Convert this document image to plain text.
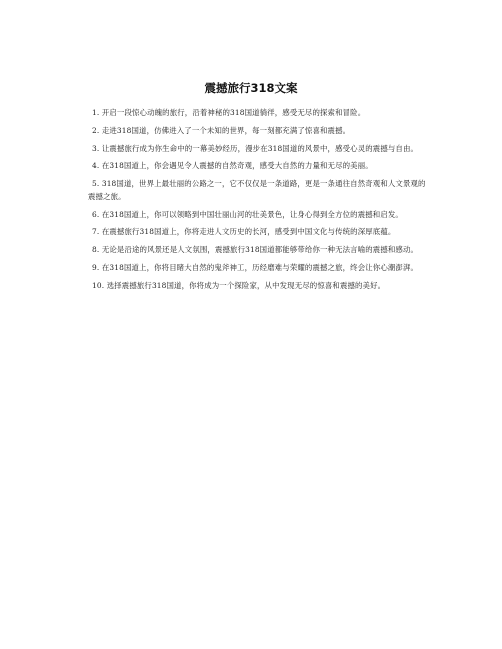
震撼旅行318文案
1. 开启一段惊心动魄的旅行，沿着神秘的318国道徜徉，感受无尽的探索和冒险。
2. 走进318国道，仿佛进入了一个未知的世界，每一刻都充满了惊喜和震撼。
3. 让震撼旅行成为你生命中的一幕美妙经历，漫步在318国道的风景中，感受心灵的震撼与自由。
4. 在318国道上，你会遇见令人震撼的自然奇观，感受大自然的力量和无尽的美丽。
5. 318国道，世界上最壮丽的公路之一，它不仅仅是一条道路，更是一条通往自然奇观和人文景观的震撼之旅。
6. 在318国道上，你可以领略到中国壮丽山河的壮美景色，让身心得到全方位的震撼和启发。
7. 在震撼旅行318国道上，你将走进人文历史的长河，感受到中国文化与传统的深厚底蕴。
8. 无论是沿途的风景还是人文氛围，震撼旅行318国道都能够带给你一种无法言喻的震撼和感动。
9. 在318国道上，你将目睹大自然的鬼斧神工，历经磨难与荣耀的震撼之旅，终会让你心潮澎湃。
10. 选择震撼旅行318国道，你将成为一个探险家，从中发现无尽的惊喜和震撼的美好。
